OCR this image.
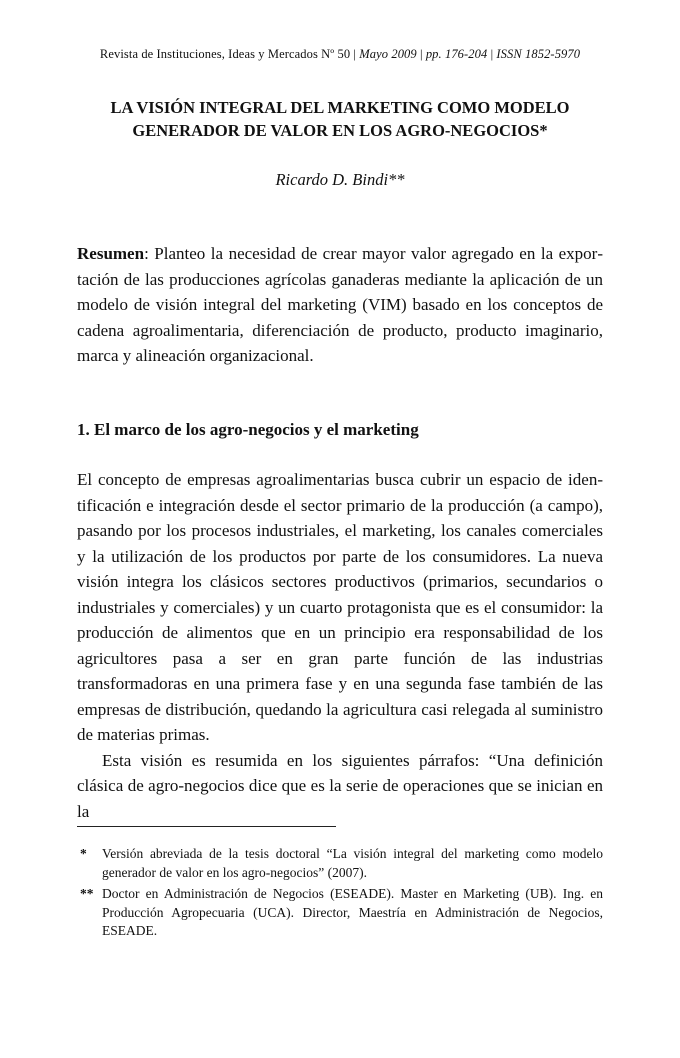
Revista de Instituciones, Ideas y Mercados Nº 50 | Mayo 2009 | pp. 176-204 | ISSN 1852-5970
LA VISIÓN INTEGRAL DEL MARKETING COMO MODELO
GENERADOR DE VALOR EN LOS AGRO-NEGOCIOS*
Ricardo D. Bindi**
Resumen: Planteo la necesidad de crear mayor valor agregado en la exportación de las producciones agrícolas ganaderas mediante la aplicación de un modelo de visión integral del marketing (VIM) basado en los conceptos de cadena agroalimentaria, diferenciación de producto, producto imaginario, marca y alineación organizacional.
1. El marco de los agro-negocios y el marketing

El concepto de empresas agroalimentarias busca cubrir un espacio de identificación e integración desde el sector primario de la producción (a campo), pasando por los procesos industriales, el marketing, los canales comerciales y la utilización de los productos por parte de los consumidores. La nueva visión integra los clásicos sectores productivos (primarios, secundarios o industriales y comerciales) y un cuarto protagonista que es el consumidor: la producción de alimentos que en un principio era responsabilidad de los agricultores pasa a ser en gran parte función de las industrias transformadoras en una primera fase y en una segunda fase también de las empresas de distribución, quedando la agricultura casi relegada al suministro de materias primas.

Esta visión es resumida en los siguientes párrafos: “Una definición clásica de agro-negocios dice que es la serie de operaciones que se inician en la

*	Versión abreviada de la tesis doctoral “La visión integral del marketing como modelo generador de valor en los agro-negocios” (2007).
** Doctor en Administración de Negocios (ESEADE). Master en Marketing (UB). Ing. en Producción Agropecuaria (UCA). Director, Maestría en Administración de Negocios, ESEADE.
